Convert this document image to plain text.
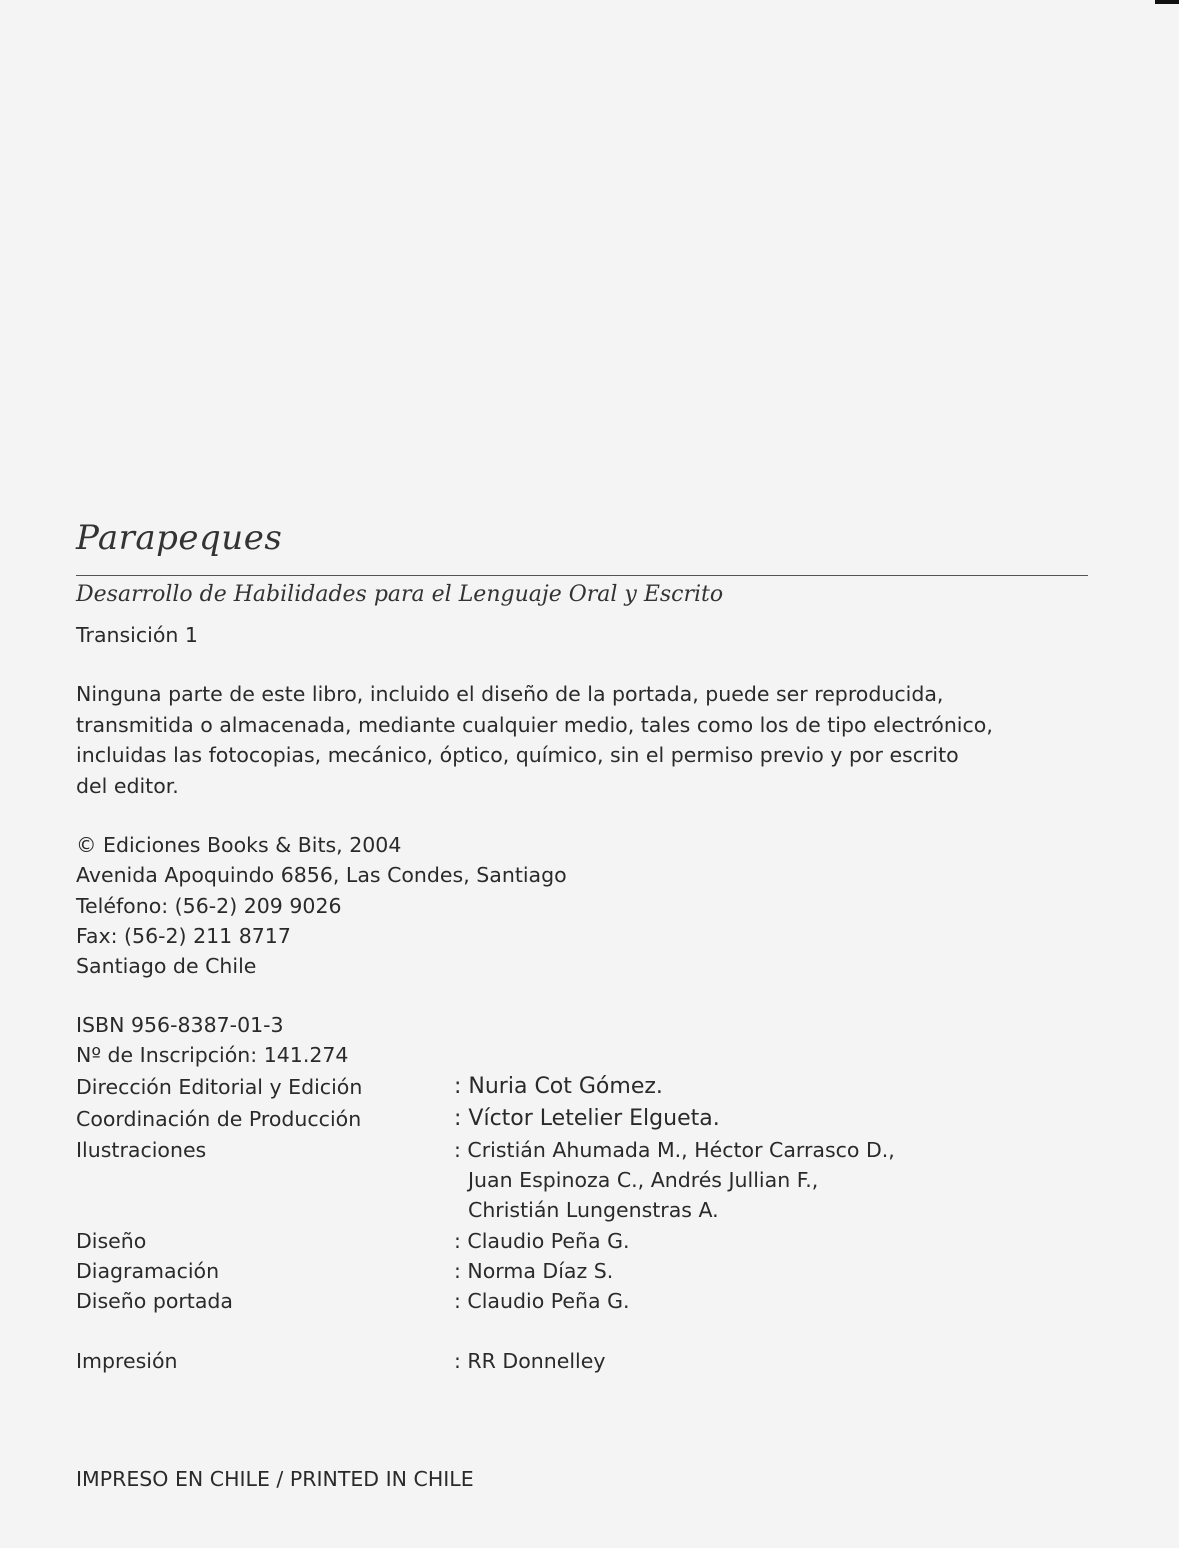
Parapeques
Desarrollo de Habilidades para el Lenguaje Oral y Escrito
Transición 1
Ninguna parte de este libro, incluido el diseño de la portada, puede ser reproducida,
transmitida o almacenada, mediante cualquier medio, tales como los de tipo electrónico,
incluidas las fotocopias, mecánico, óptico, químico, sin el permiso previo y por escrito
del editor.
© Ediciones Books & Bits, 2004
Avenida Apoquindo 6856, Las Condes, Santiago
Teléfono: (56-2) 209 9026
Fax: (56-2) 211 8717
Santiago de Chile
ISBN 956-8387-01-3
Nº de Inscripción: 141.274
Dirección Editorial y Edición	: Nuria Cot Gómez.
Coordinación de Producción	: Víctor Letelier Elgueta.
Ilustraciones	: Cristián Ahumada M., Héctor Carrasco D.,
Juan Espinoza C., Andrés Jullian F.,
Christián Lungenstras A.
Diseño	: Claudio Peña G.
Diagramación	: Norma Díaz S.
Diseño portada	: Claudio Peña G.
Impresión	: RR Donnelley
IMPRESO EN CHILE / PRINTED IN CHILE
